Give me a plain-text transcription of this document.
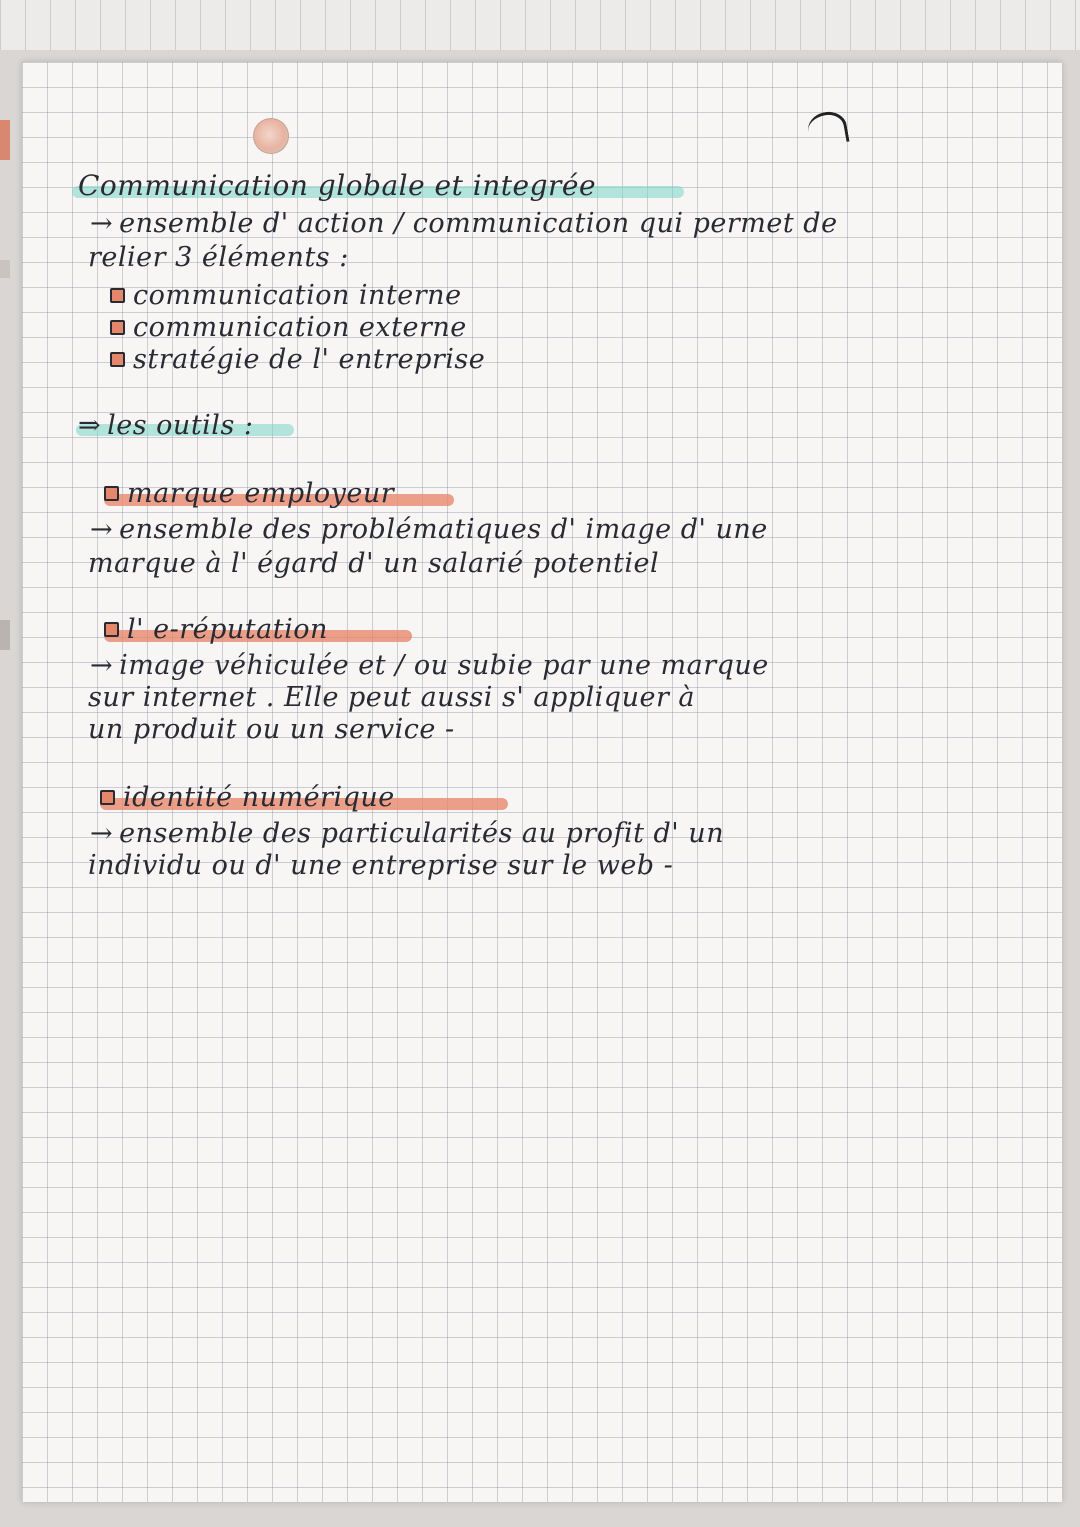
Communication globale et integrée
→ ensemble d' action / communication qui permet de
relier 3 éléments :
communication interne
communication externe
stratégie de l' entreprise
⇒ les outils :
marque employeur
→ ensemble des problématiques d' image d' une
marque à l' égard d' un salarié potentiel
l' e-réputation
→ image véhiculée et / ou subie par une marque
sur internet . Elle peut aussi s' appliquer à
un produit ou un service -
identité numérique
→ ensemble des particularités au profit d' un
individu ou d' une entreprise sur le web -
